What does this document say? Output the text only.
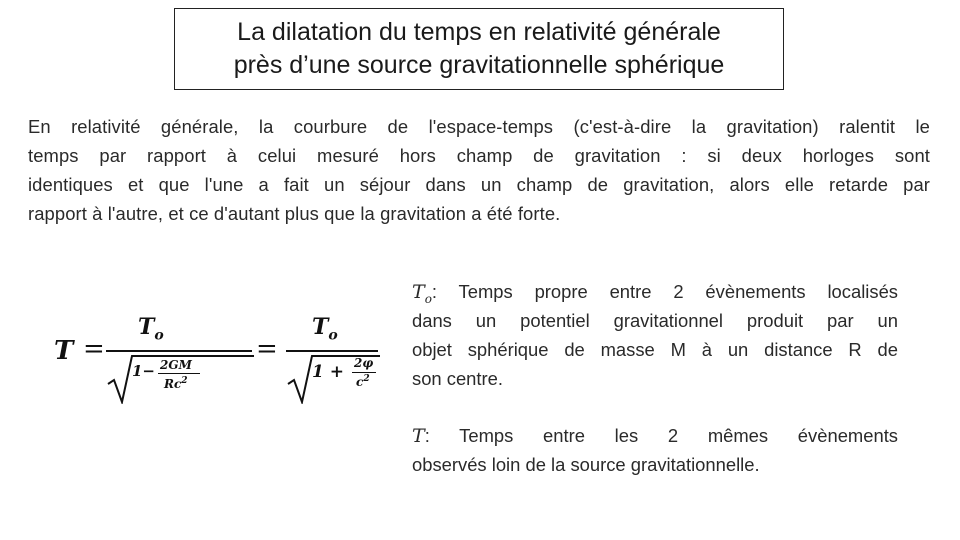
La dilatation du temps en relativité générale
près d’une source gravitationnelle sphérique
En relativité générale, la courbure de l'espace-temps (c'est-à-dire la gravitation) ralentit le
temps par rapport à celui mesuré hors champ de gravitation : si deux horloges sont
identiques et que l'une a fait un séjour dans un champ de gravitation, alors elle retarde par
rapport à l'autre, et ce d'autant plus que la gravitation a été forte.
T =
$T_o$
1− 2GM
$Rc^2$
=
$T_o$
1 + 2φ
$c^2$
$T_o$: Temps propre entre 2 évènements localisés
dans un potentiel gravitationnel produit par un
objet sphérique de masse M à un distance R de
son centre.
T: Temps entre les 2 mêmes évènements
observés loin de la source gravitationnelle.
